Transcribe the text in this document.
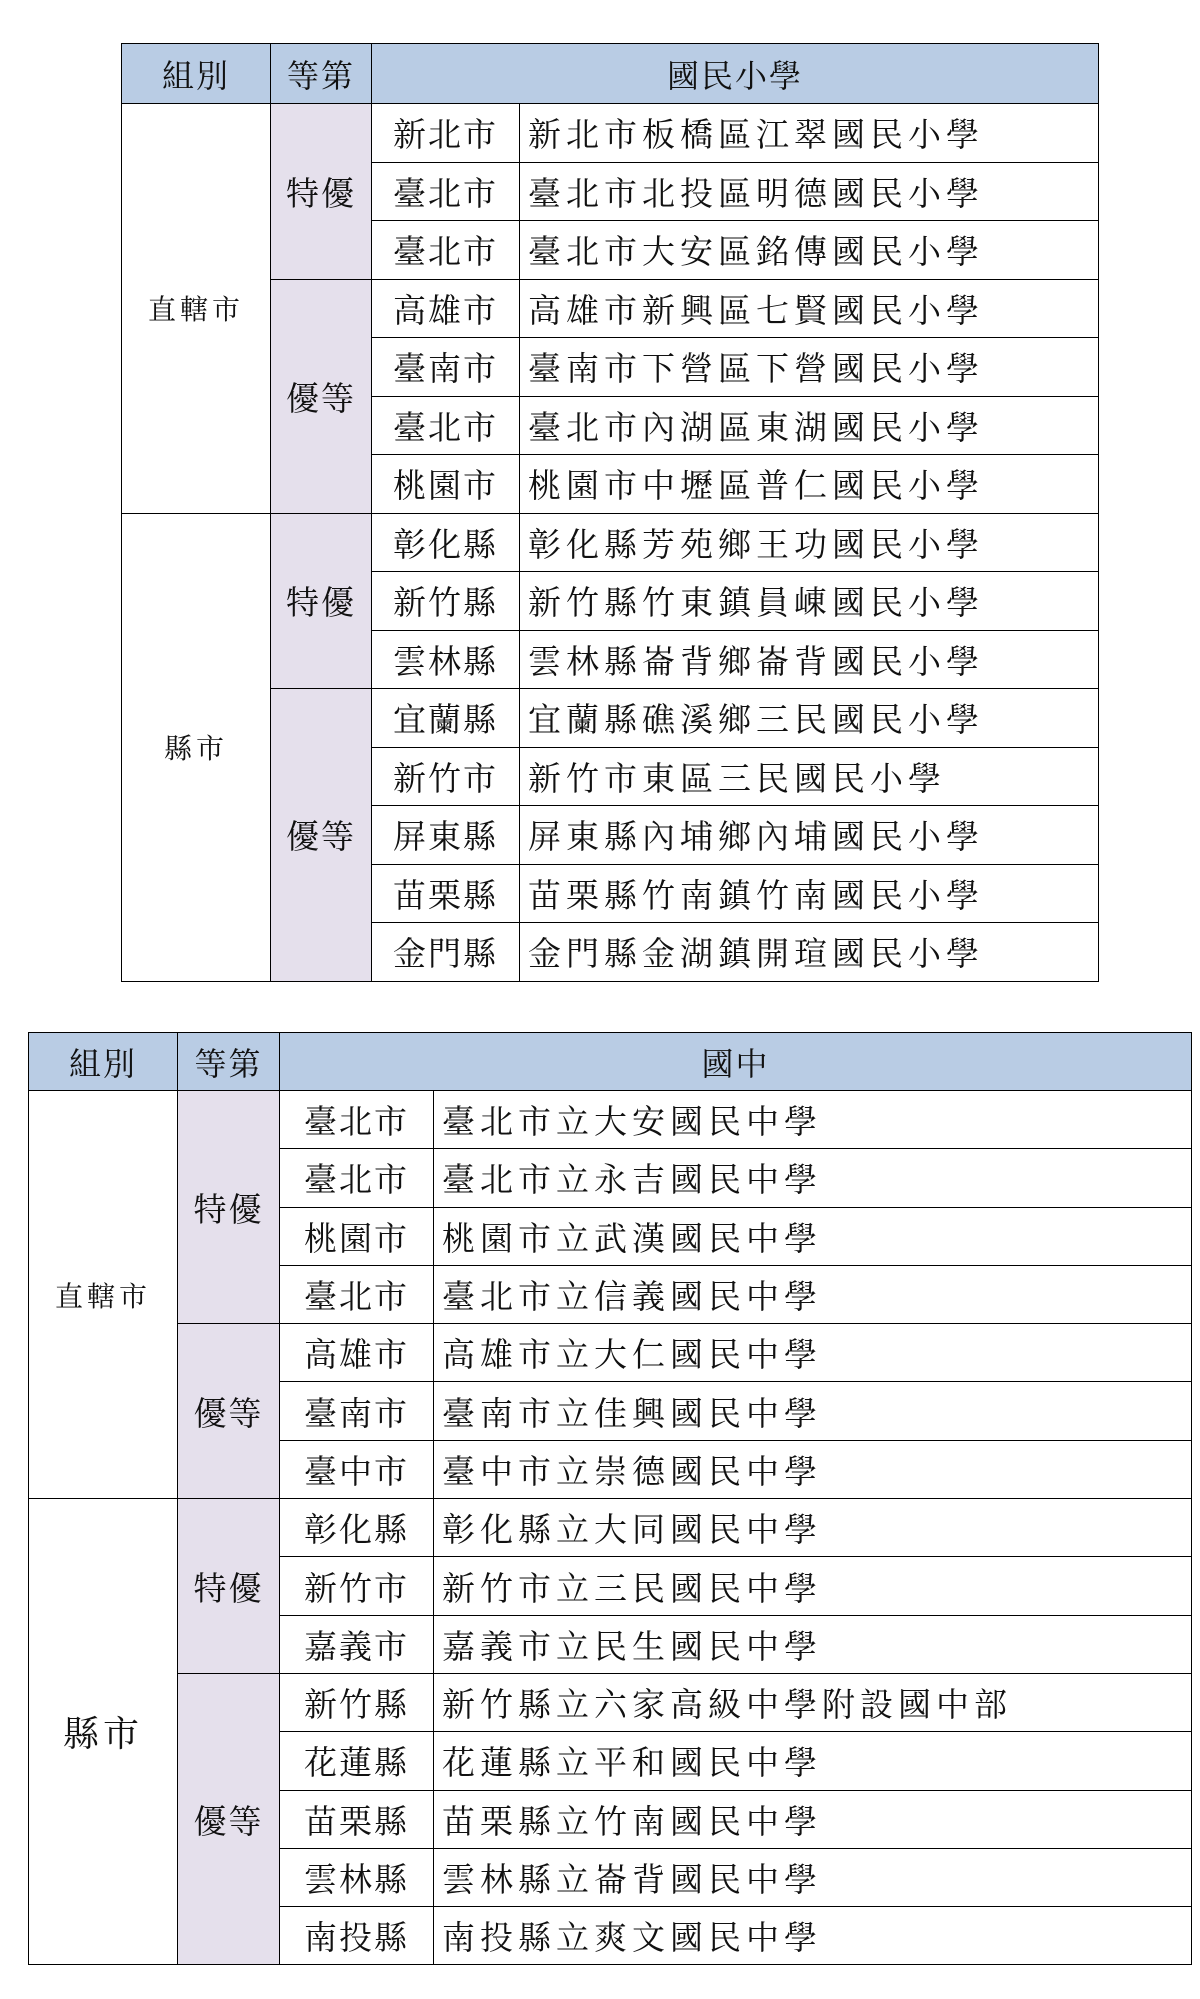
組別	等第	國民小學	
直轄市	特優	新北市	新北市板橋區江翠國民小學
		臺北市	臺北市北投區明德國民小學
		臺北市	臺北市大安區銘傳國民小學
	優等	高雄市	高雄市新興區七賢國民小學
		臺南市	臺南市下營區下營國民小學
		臺北市	臺北市內湖區東湖國民小學
		桃園市	桃園市中壢區普仁國民小學
縣市	特優	彰化縣	彰化縣芳苑鄉王功國民小學
		新竹縣	新竹縣竹東鎮員崠國民小學
		雲林縣	雲林縣崙背鄉崙背國民小學
	優等	宜蘭縣	宜蘭縣礁溪鄉三民國民小學
		新竹市	新竹市東區三民國民小學
		屏東縣	屏東縣內埔鄉內埔國民小學
		苗栗縣	苗栗縣竹南鎮竹南國民小學
		金門縣	金門縣金湖鎮開瑄國民小學
組別	等第	國中	
直轄市	特優	臺北市	臺北市立大安國民中學
		臺北市	臺北市立永吉國民中學
		桃園市	桃園市立武漢國民中學
		臺北市	臺北市立信義國民中學
	優等	高雄市	高雄市立大仁國民中學
		臺南市	臺南市立佳興國民中學
		臺中市	臺中市立崇德國民中學
縣市	特優	彰化縣	彰化縣立大同國民中學
		新竹市	新竹市立三民國民中學
		嘉義市	嘉義市立民生國民中學
	優等	新竹縣	新竹縣立六家高級中學附設國中部
		花蓮縣	花蓮縣立平和國民中學
		苗栗縣	苗栗縣立竹南國民中學
		雲林縣	雲林縣立崙背國民中學
		南投縣	南投縣立爽文國民中學
